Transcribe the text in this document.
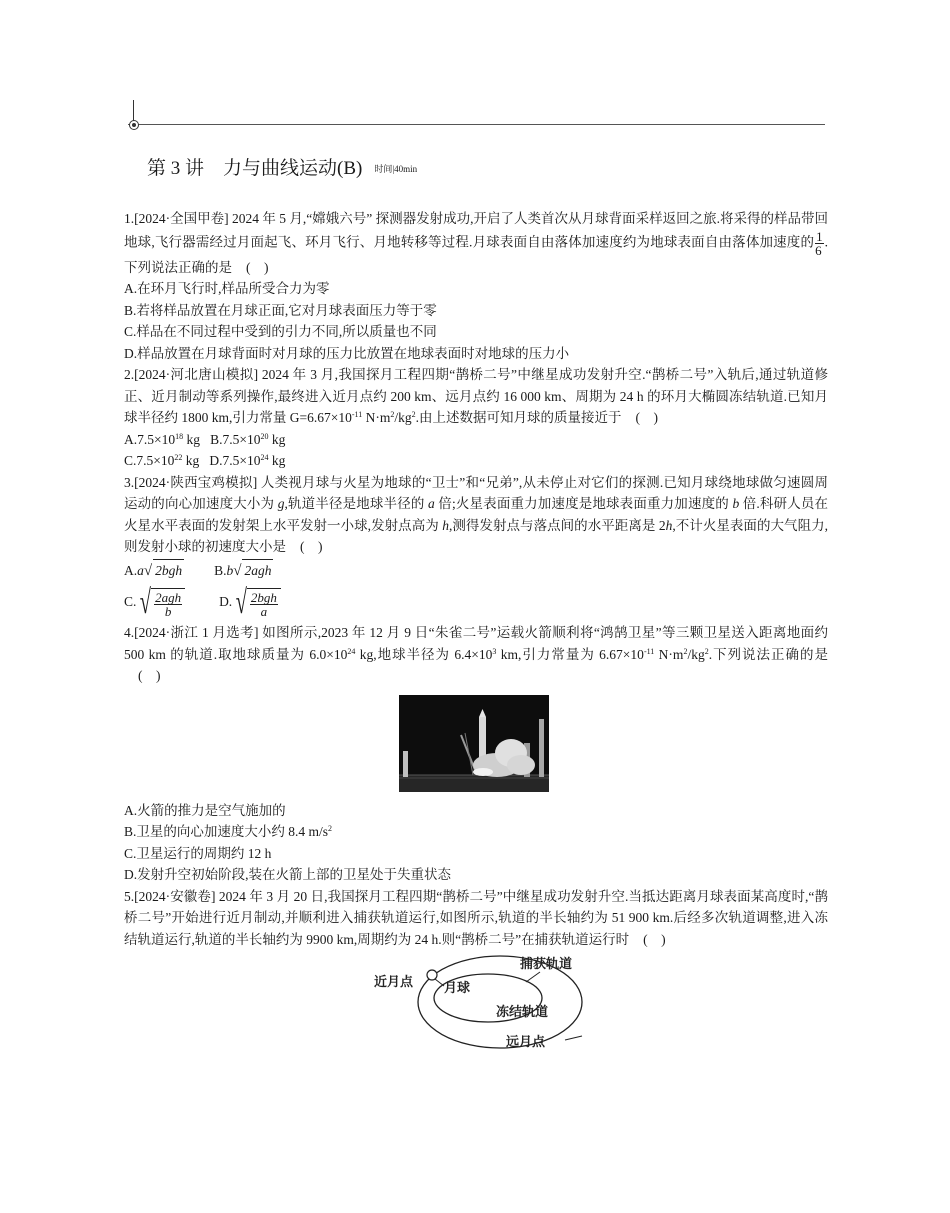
第 3 讲　力与曲线运动(B) 时间|40min

1.[2024·全国甲卷] 2024 年 5 月,“嫦娥六号” 探测器发射成功,开启了人类首次从月球背面采样返回之旅.将采得的样品带回地球,飞行器需经过月面起飞、环月飞行、月地转移等过程.月球表面自由落体加速度约为地球表面自由落体加速度的 $\frac{1}{6}$ .下列说法正确的是 (　)

A.在环月飞行时,样品所受合力为零

B.若将样品放置在月球正面,它对月球表面压力等于零

C.样品在不同过程中受到的引力不同,所以质量也不同

D.样品放置在月球背面时对月球的压力比放置在地球表面时对地球的压力小

2.[2024·河北唐山模拟] 2024 年 3 月,我国探月工程四期“鹊桥二号”中继星成功发射升空.“鹊桥二号”入轨后,通过轨道修正、近月制动等系列操作,最终进入近月点约 200 km、远月点约 16 000 km、周期为 24 h 的环月大椭圆冻结轨道.已知月球半径约 1800 km,引力常量 $G=6.67\times 10^{-11}$ $N\cdot m^2/kg^2$.由上述数据可知月球的质量接近于 (　)

$A.7.5\times 10^{18}$ kg $B.7.5\times 10^{20}$ kg

$C.7.5\times 10^{22}$ kg $D.7.5\times 10^{24}$ kg

3.[2024·陕西宝鸡模拟] 人类视月球与火星为地球的“卫士”和“兄弟”,从未停止对它们的探测.已知月球绕地球做匀速圆周运动的向心加速度大小为 g,轨道半径是地球半径的 a 倍;火星表面重力加速度是地球表面重力加速度的 b 倍.科研人员在火星水平表面的发射架上水平发射一小球,发射点高为 h,测得发射点与落点间的水平距离是 2h,不计火星表面的大气阻力,则发射小球的初速度大小是 (　)

A.a√ 2bgh B.b√ 2agh

C. √ $\frac{\text{2agh}}{b}$	D. √ $\frac{\text{2bgh}}{a}$

4.[2024·浙江 1 月选考] 如图所示,2023 年 12 月 9 日“朱雀二号”运载火箭顺利将“鸿鹄卫星”等三颗卫星送入距离地面约 500 km 的轨道.取地球质量为 $6.0\times 10^{24}$ kg,地球半径为 $6.4\times 10^3$ km,引力常量为 $6.67\times 10^{-11}$ $N\cdot m^2/kg^2$.下列说法正确的是(　)

A.火箭的推力是空气施加的

B.卫星的向心加速度大小约 8.4 $m/s^2$

C.卫星运行的周期约 12 h

D.发射升空初始阶段,装在火箭上部的卫星处于失重状态

5.[2024·安徽卷] 2024 年 3 月 20 日,我国探月工程四期“鹊桥二号”中继星成功发射升空.当抵达距离月球表面某高度时,“鹊桥二号”开始进行近月制动,并顺利进入捕获轨道运行,如图所示,轨道的半长轴约为 51 900 km.后经多次轨道调整,进入冻结轨道运行,轨道的半长轴约为 9900 km,周期约为 24 h.则“鹊桥二号”在捕获轨道运行时 (　)

近月点 月球
捕获轨道
冻结轨道
远月点
